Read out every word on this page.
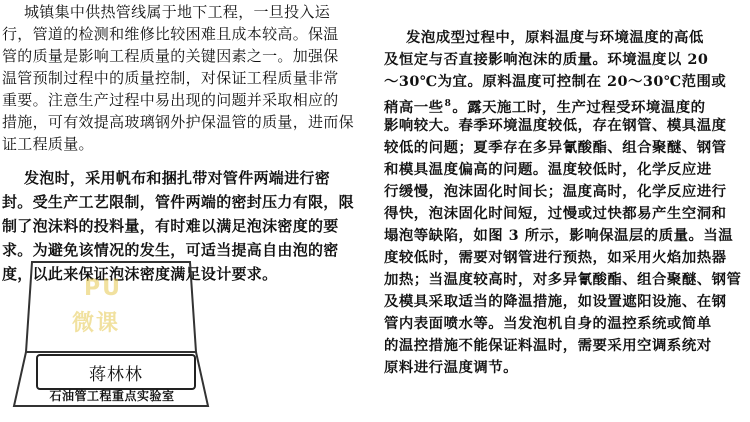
城镇集中供热管线属于地下工程，一旦投入运
行，管道的检测和维修比较困难且成本较高。保温
管的质量是影响工程质量的关键因素之一。加强保
温管预制过程中的质量控制，对保证工程质量非常
重要。注意生产过程中易出现的问题并采取相应的
措施，可有效提高玻璃钢外护保温管的质量，进而保
证工程质量。
发泡时，采用帆布和捆扎带对管件两端进行密
封。受生产工艺限制，管件两端的密封压力有限，限
制了泡沫料的投料量，有时难以满足泡沫密度的要
求。为避免该情况的发生，可适当提高自由泡的密
度，以此来保证泡沫密度满足设计要求。
PU
微课
蒋林林
石油管工程重点实验室
发泡成型过程中，原料温度与环境温度的高低
及恒定与否直接影响泡沫的质量。环境温度以 20
～30℃为宜。原料温度可控制在 20～30℃范围或
稍高一些$^8$。露天施工时，生产过程受环境温度的
影响较大。春季环境温度较低，存在钢管、模具温度
较低的问题；夏季存在多异氰酸酯、组合聚醚、钢管
和模具温度偏高的问题。温度较低时，化学反应进
行缓慢，泡沫固化时间长；温度高时，化学反应进行
得快，泡沫固化时间短，过慢或过快都易产生空洞和
塌泡等缺陷，如图 3 所示，影响保温层的质量。当温
度较低时，需要对钢管进行预热，如采用火焰加热器
加热；当温度较高时，对多异氰酸酯、组合聚醚、钢管
及模具采取适当的降温措施，如设置遮阳设施、在钢
管内表面喷水等。当发泡机自身的温控系统或简单
的温控措施不能保证料温时，需要采用空调系统对
原料进行温度调节。
